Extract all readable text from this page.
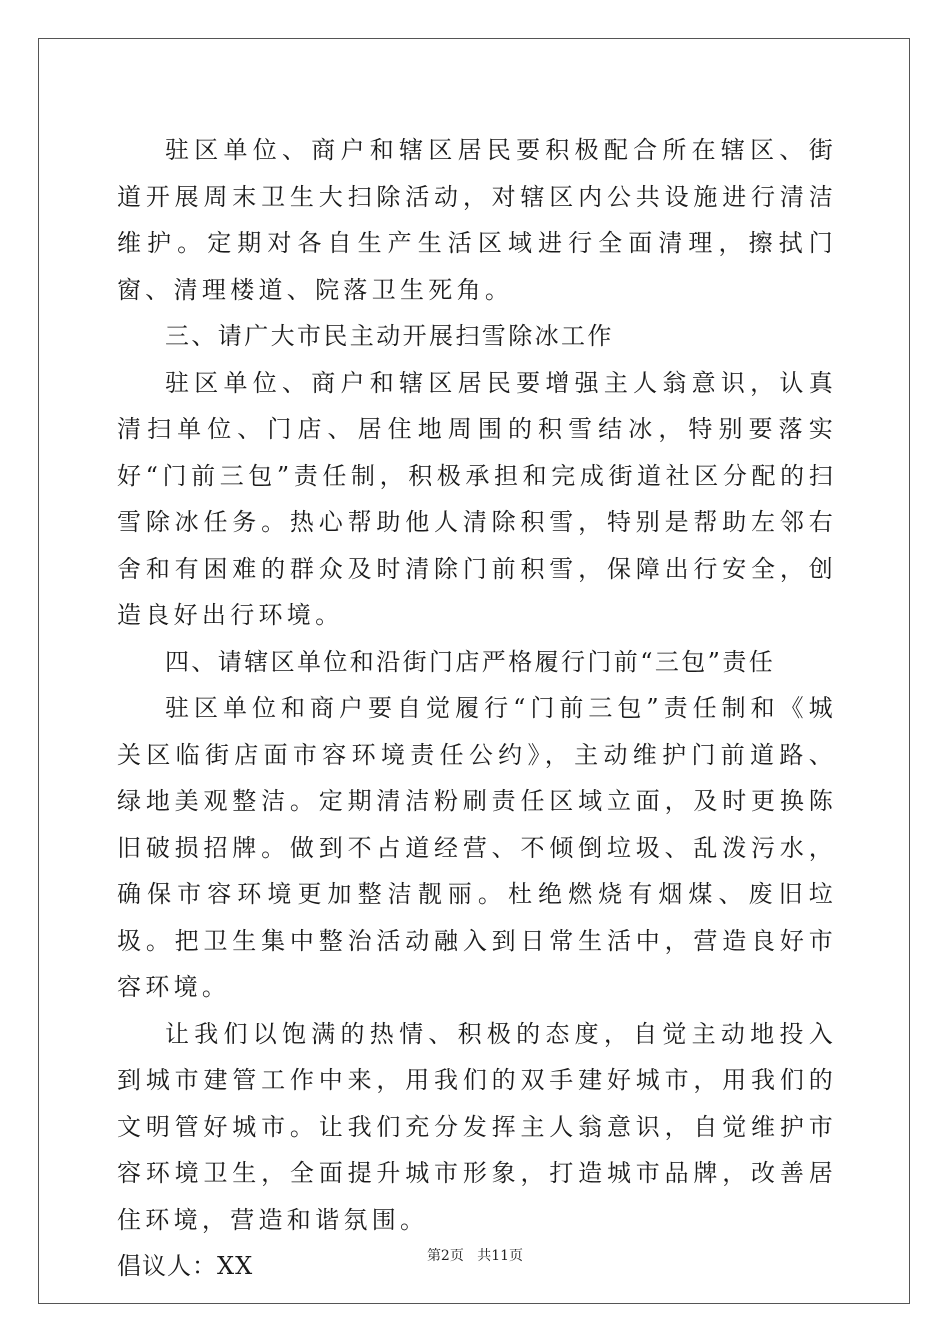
驻区单位、商户和辖区居民要积极配合所在辖区、街道开展周末卫生大扫除活动，对辖区内公共设施进行清洁维护。定期对各自生产生活区域进行全面清理，擦拭门窗、清理楼道、院落卫生死角。

三、请广大市民主动开展扫雪除冰工作

驻区单位、商户和辖区居民要增强主人翁意识，认真清扫单位、门店、居住地周围的积雪结冰，特别要落实好“门前三包”责任制，积极承担和完成街道社区分配的扫雪除冰任务。热心帮助他人清除积雪，特别是帮助左邻右舍和有困难的群众及时清除门前积雪，保障出行安全，创造良好出行环境。

四、请辖区单位和沿街门店严格履行门前“三包”责任

驻区单位和商户要自觉履行“门前三包”责任制和《城关区临街店面市容环境责任公约》，主动维护门前道路、绿地美观整洁。定期清洁粉刷责任区域立面，及时更换陈旧破损招牌。做到不占道经营、不倾倒垃圾、乱泼污水，确保市容环境更加整洁靓丽。杜绝燃烧有烟煤、废旧垃圾。把卫生集中整治活动融入到日常生活中，营造良好市容环境。

让我们以饱满的热情、积极的态度，自觉主动地投入到城市建管工作中来，用我们的双手建好城市，用我们的文明管好城市。让我们充分发挥主人翁意识，自觉维护市容环境卫生，全面提升城市形象，打造城市品牌，改善居住环境，营造和谐氛围。

倡议人：XX	第2页 共11页
